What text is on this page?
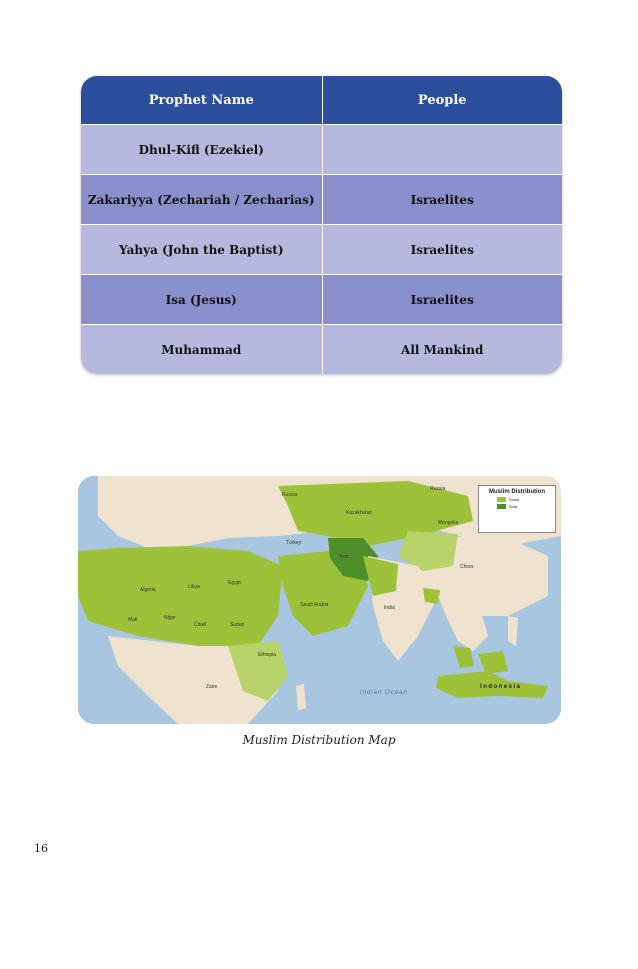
Prophet Name	People
Dhul-Kifl (Ezekiel)	
Zakariyya (Zechariah / Zecharias)	Israelites
Yahya (John the Baptist)	Israelites
Isa (Jesus)	Israelites
Muhammad	All Mankind
Russia
Russia
Kazakhstan
Mongolia
China
Turkey
Iran
Algeria	Libya
Egypt
Saudi Arabia
Mali	Niger
Chad	Sudan
Ethiopia
Zaire
India
Indian Ocean
Indonesia
Muslim Distribution
Sunni
Shia
Muslim Distribution Map
16
